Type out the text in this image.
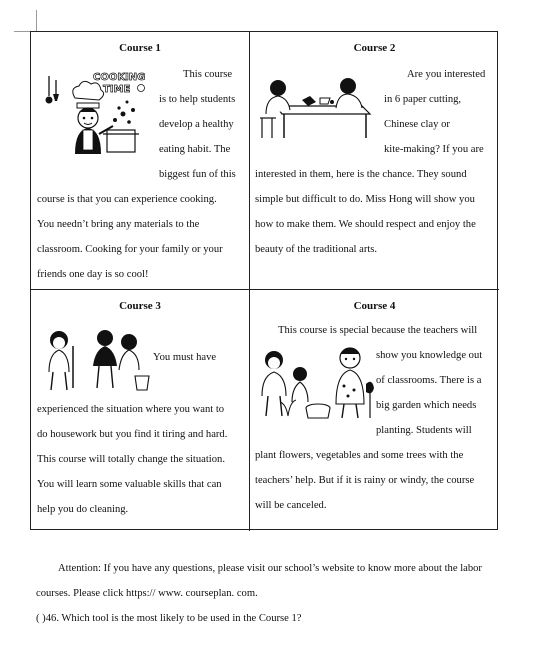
Course 1
COOKING
TIME
This course
is to help students
develop a healthy
eating habit. The
biggest fun of this
course is that you can experience cooking.
You needn’t bring any materials to the
classroom. Cooking for your family or your
friends one day is so cool!
Course 2
Are you interested
in 6 paper cutting,
Chinese clay or
kite-making? If you are
interested in them, here is the chance. They sound
simple but difficult to do. Miss Hong will show you
how to make them. We should respect and enjoy the
beauty of the traditional arts.
Course 3
You must have
experienced the situation where you want to
do housework but you find it tiring and hard.
This course will totally change the situation.
You will learn some valuable skills that can
help you do cleaning.
Course 4
This course is special because the teachers will
show you knowledge out
of classrooms. There is a
big garden which needs
planting. Students will
plant flowers, vegetables and some trees with the
teachers’ help. But if it is rainy or windy, the course
will be canceled.
Attention: If you have any questions, please visit our school’s website to know more about the labor
courses. Please click https:// www. courseplan. com.
( )46. Which tool is the most likely to be used in the Course 1?
